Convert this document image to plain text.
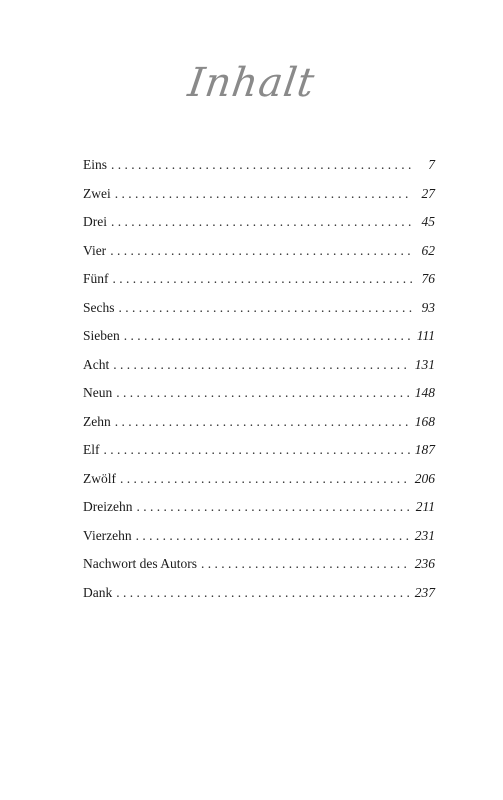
Inhalt
Eins . . .	7
Zwei . . .	27
Drei . . .	45
Vier . . .	62
Fünf . . .	76
Sechs . . .	93
Sieben . . .	111
Acht . . .	131
Neun . . .	148
Zehn . . .	168
Elf . . .	187
Zwölf . . .	206
Dreizehn . . .	211
Vierzehn . . .	231
Nachwort des Autors . . .	236
Dank . . .	237
